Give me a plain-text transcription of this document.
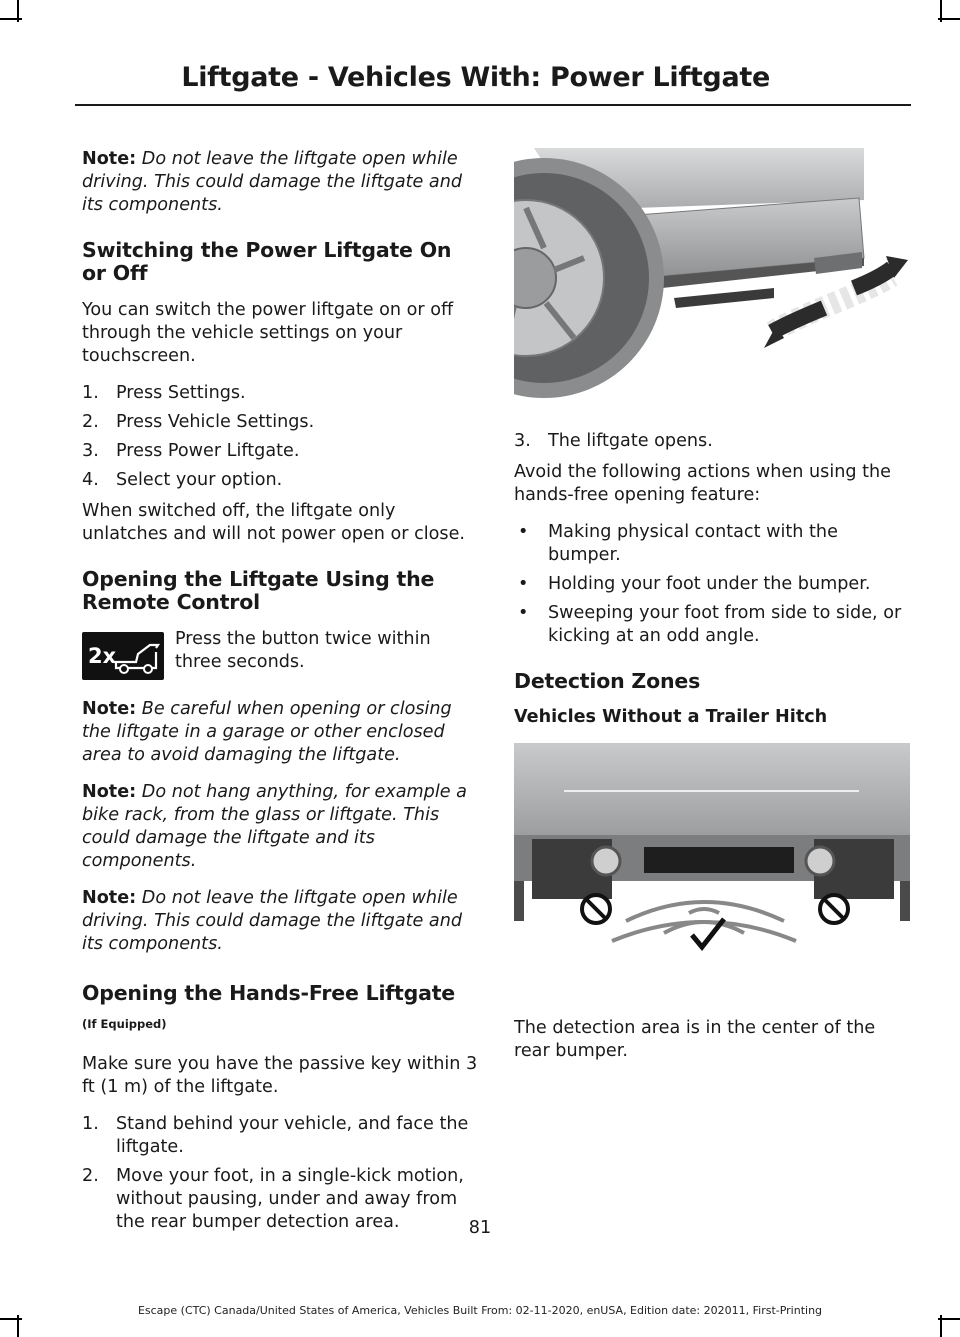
Liftgate - Vehicles With: Power Liftgate

Note: Do not leave the liftgate open while driving. This could damage the liftgate and its components.

Switching the Power Liftgate On or Off

You can switch the power liftgate on or off through the vehicle settings on your touchscreen.

1. Press Settings.
2. Press Vehicle Settings.
3. Press Power Liftgate.
4. Select your option.

When switched off, the liftgate only unlatches and will not power open or close.

Opening the Liftgate Using the Remote Control
2x

Press the button twice within three seconds.

Note: Be careful when opening or closing the liftgate in a garage or other enclosed area to avoid damaging the liftgate.

Note: Do not hang anything, for example a bike rack, from the glass or liftgate. This could damage the liftgate and its components.

Note: Do not leave the liftgate open while driving. This could damage the liftgate and its components.

Opening the Hands-Free Liftgate
(If Equipped)

Make sure you have the passive key within 3 ft (1 m) of the liftgate.

1. Stand behind your vehicle, and face the liftgate.
2. Move your foot, in a single-kick motion, without pausing, under and away from the rear bumper detection area.
3. The liftgate opens.

Avoid the following actions when using the hands-free opening feature:

• Making physical contact with the bumper.
• Holding your foot under the bumper.
• Sweeping your foot from side to side, or kicking at an odd angle.
Detection Zones
Vehicles Without a Trailer Hitch

The detection area is in the center of the rear bumper.

81
Escape (CTC) Canada/United States of America, Vehicles Built From: 02-11-2020, enUSA, Edition date: 202011, First-Printing
